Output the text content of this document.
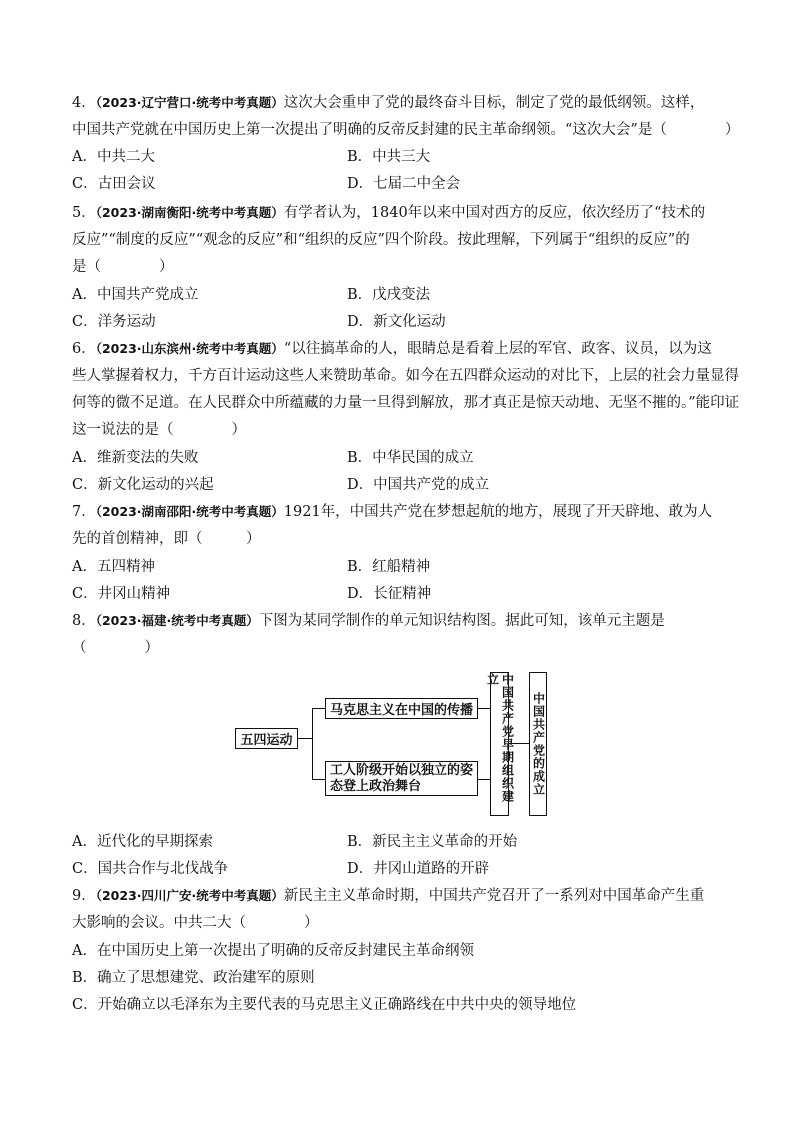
4．（2023·辽宁营口·统考中考真题）这次大会重申了党的最终奋斗目标，制定了党的最低纲领。这样，
中国共产党就在中国历史上第一次提出了明确的反帝反封建的民主革命纲领。“这次大会”是（　　　　）
A．中共二大	B．中共三大
C．古田会议	D．七届二中全会
5．（2023·湖南衡阳·统考中考真题）有学者认为，1840年以来中国对西方的反应，依次经历了“技术的
反应”“制度的反应”“观念的反应”和“组织的反应”四个阶段。按此理解，下列属于“组织的反应”的
是（　　　　）
A．中国共产党成立	B．戊戌变法
C．洋务运动	D．新文化运动
6．（2023·山东滨州·统考中考真题）“以往搞革命的人，眼睛总是看着上层的军官、政客、议员，以为这
些人掌握着权力，千方百计运动这些人来赞助革命。如今在五四群众运动的对比下，上层的社会力量显得
何等的微不足道。在人民群众中所蕴藏的力量一旦得到解放，那才真正是惊天动地、无坚不摧的。”能印证
这一说法的是（　　　　）
A．维新变法的失败	B．中华民国的成立
C．新文化运动的兴起	D．中国共产党的成立
7．（2023·湖南邵阳·统考中考真题）1921年，中国共产党在梦想起航的地方，展现了开天辟地、敢为人
先的首创精神，即（　　　）
A．五四精神	B．红船精神
C．井冈山精神	D．长征精神
8．（2023·福建·统考中考真题）下图为某同学制作的单元知识结构图。据此可知，该单元主题是
（　　　　）
五四运动
马克思主义在中国的传播
工人阶级开始以独立的姿
态登上政治舞台	中国共产党早期组织建立
中国共产党的成立
A．近代化的早期探索	B．新民主主义革命的开始
C．国共合作与北伐战争	D．井冈山道路的开辟
9．（2023·四川广安·统考中考真题）新民主主义革命时期，中国共产党召开了一系列对中国革命产生重
大影响的会议。中共二大（　　　　）
A．在中国历史上第一次提出了明确的反帝反封建民主革命纲领
B．确立了思想建党、政治建军的原则
C．开始确立以毛泽东为主要代表的马克思主义正确路线在中共中央的领导地位
